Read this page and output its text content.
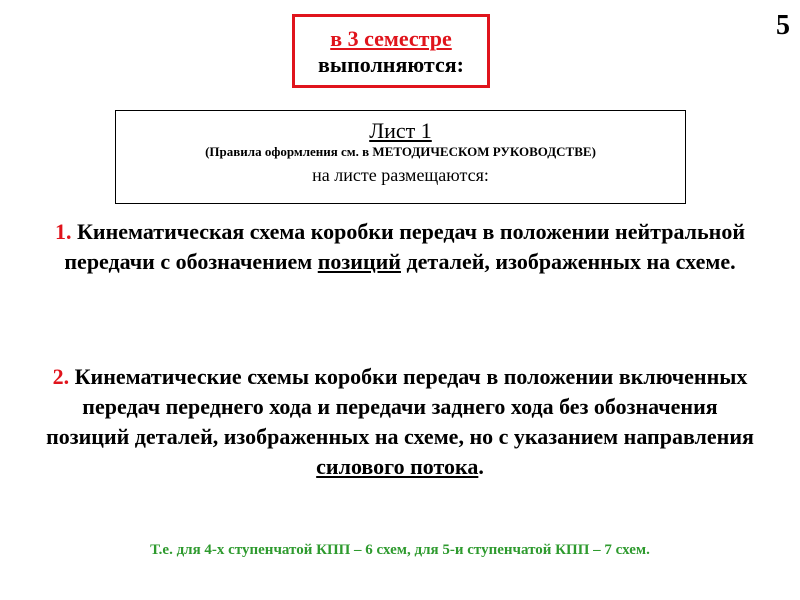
5
в 3 семестре
выполняются:
Лист 1
(Правила оформления см. в МЕТОДИЧЕСКОМ РУКОВОДСТВЕ)
на листе размещаются:
1. Кинематическая схема коробки передач в положении нейтральной передачи с обозначением позиций деталей, изображенных на схеме.
2. Кинематические схемы коробки передач в положении включенных передач переднего хода и передачи заднего хода без обозначения позиций деталей, изображенных на схеме, но с указанием направления силового потока.
Т.е. для 4-х ступенчатой КПП – 6 схем, для 5-и ступенчатой КПП – 7 схем.
